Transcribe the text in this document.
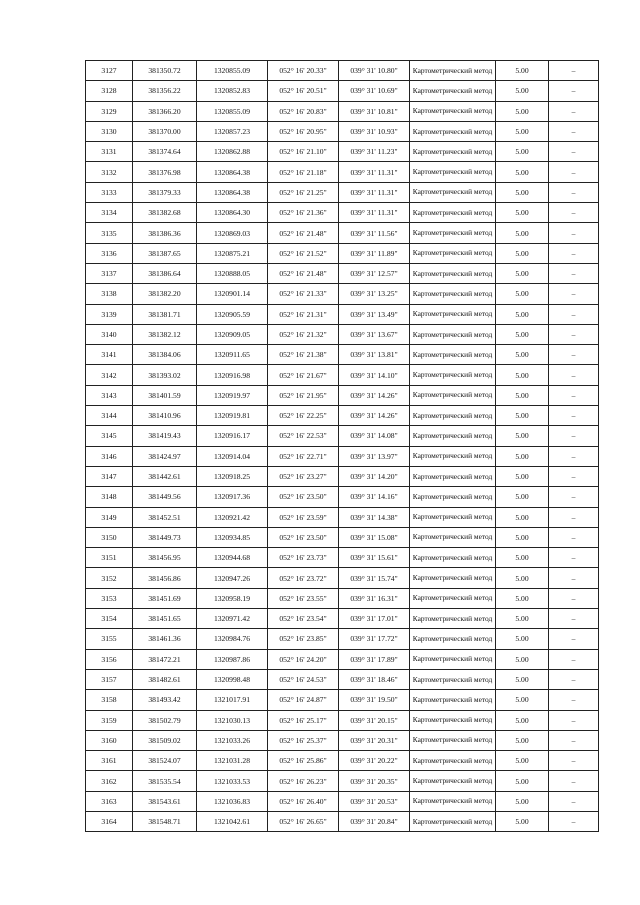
3127	381350.72	1320855.09	052° 16' 20.33"	039° 31' 10.80"	Картометрический метод	5.00	–
3128	381356.22	1320852.83	052° 16' 20.51"	039° 31' 10.69"	Картометрический метод	5.00	–
3129	381366.20	1320855.09	052° 16' 20.83"	039° 31' 10.81"	Картометрический метод	5.00	–
3130	381370.00	1320857.23	052° 16' 20.95"	039° 31' 10.93"	Картометрический метод	5.00	–
3131	381374.64	1320862.88	052° 16' 21.10"	039° 31' 11.23"	Картометрический метод	5.00	–
3132	381376.98	1320864.38	052° 16' 21.18"	039° 31' 11.31"	Картометрический метод	5.00	–
3133	381379.33	1320864.38	052° 16' 21.25"	039° 31' 11.31"	Картометрический метод	5.00	–
3134	381382.68	1320864.30	052° 16' 21.36"	039° 31' 11.31"	Картометрический метод	5.00	–
3135	381386.36	1320869.03	052° 16' 21.48"	039° 31' 11.56"	Картометрический метод	5.00	–
3136	381387.65	1320875.21	052° 16' 21.52"	039° 31' 11.89"	Картометрический метод	5.00	–
3137	381386.64	1320888.05	052° 16' 21.48"	039° 31' 12.57"	Картометрический метод	5.00	–
3138	381382.20	1320901.14	052° 16' 21.33"	039° 31' 13.25"	Картометрический метод	5.00	–
3139	381381.71	1320905.59	052° 16' 21.31"	039° 31' 13.49"	Картометрический метод	5.00	–
3140	381382.12	1320909.05	052° 16' 21.32"	039° 31' 13.67"	Картометрический метод	5.00	–
3141	381384.06	1320911.65	052° 16' 21.38"	039° 31' 13.81"	Картометрический метод	5.00	–
3142	381393.02	1320916.98	052° 16' 21.67"	039° 31' 14.10"	Картометрический метод	5.00	–
3143	381401.59	1320919.97	052° 16' 21.95"	039° 31' 14.26"	Картометрический метод	5.00	–
3144	381410.96	1320919.81	052° 16' 22.25"	039° 31' 14.26"	Картометрический метод	5.00	–
3145	381419.43	1320916.17	052° 16' 22.53"	039° 31' 14.08"	Картометрический метод	5.00	–
3146	381424.97	1320914.04	052° 16' 22.71"	039° 31' 13.97"	Картометрический метод	5.00	–
3147	381442.61	1320918.25	052° 16' 23.27"	039° 31' 14.20"	Картометрический метод	5.00	–
3148	381449.56	1320917.36	052° 16' 23.50"	039° 31' 14.16"	Картометрический метод	5.00	–
3149	381452.51	1320921.42	052° 16' 23.59"	039° 31' 14.38"	Картометрический метод	5.00	–
3150	381449.73	1320934.85	052° 16' 23.50"	039° 31' 15.08"	Картометрический метод	5.00	–
3151	381456.95	1320944.68	052° 16' 23.73"	039° 31' 15.61"	Картометрический метод	5.00	–
3152	381456.86	1320947.26	052° 16' 23.72"	039° 31' 15.74"	Картометрический метод	5.00	–
3153	381451.69	1320958.19	052° 16' 23.55"	039° 31' 16.31"	Картометрический метод	5.00	–
3154	381451.65	1320971.42	052° 16' 23.54"	039° 31' 17.01"	Картометрический метод	5.00	–
3155	381461.36	1320984.76	052° 16' 23.85"	039° 31' 17.72"	Картометрический метод	5.00	–
3156	381472.21	1320987.86	052° 16' 24.20"	039° 31' 17.89"	Картометрический метод	5.00	–
3157	381482.61	1320998.48	052° 16' 24.53"	039° 31' 18.46"	Картометрический метод	5.00	–
3158	381493.42	1321017.91	052° 16' 24.87"	039° 31' 19.50"	Картометрический метод	5.00	–
3159	381502.79	1321030.13	052° 16' 25.17"	039° 31' 20.15"	Картометрический метод	5.00	–
3160	381509.02	1321033.26	052° 16' 25.37"	039° 31' 20.31"	Картометрический метод	5.00	–
3161	381524.07	1321031.28	052° 16' 25.86"	039° 31' 20.22"	Картометрический метод	5.00	–
3162	381535.54	1321033.53	052° 16' 26.23"	039° 31' 20.35"	Картометрический метод	5.00	–
3163	381543.61	1321036.83	052° 16' 26.40"	039° 31' 20.53"	Картометрический метод	5.00	–
3164	381548.71	1321042.61	052° 16' 26.65"	039° 31' 20.84"	Картометрический метод	5.00	–
